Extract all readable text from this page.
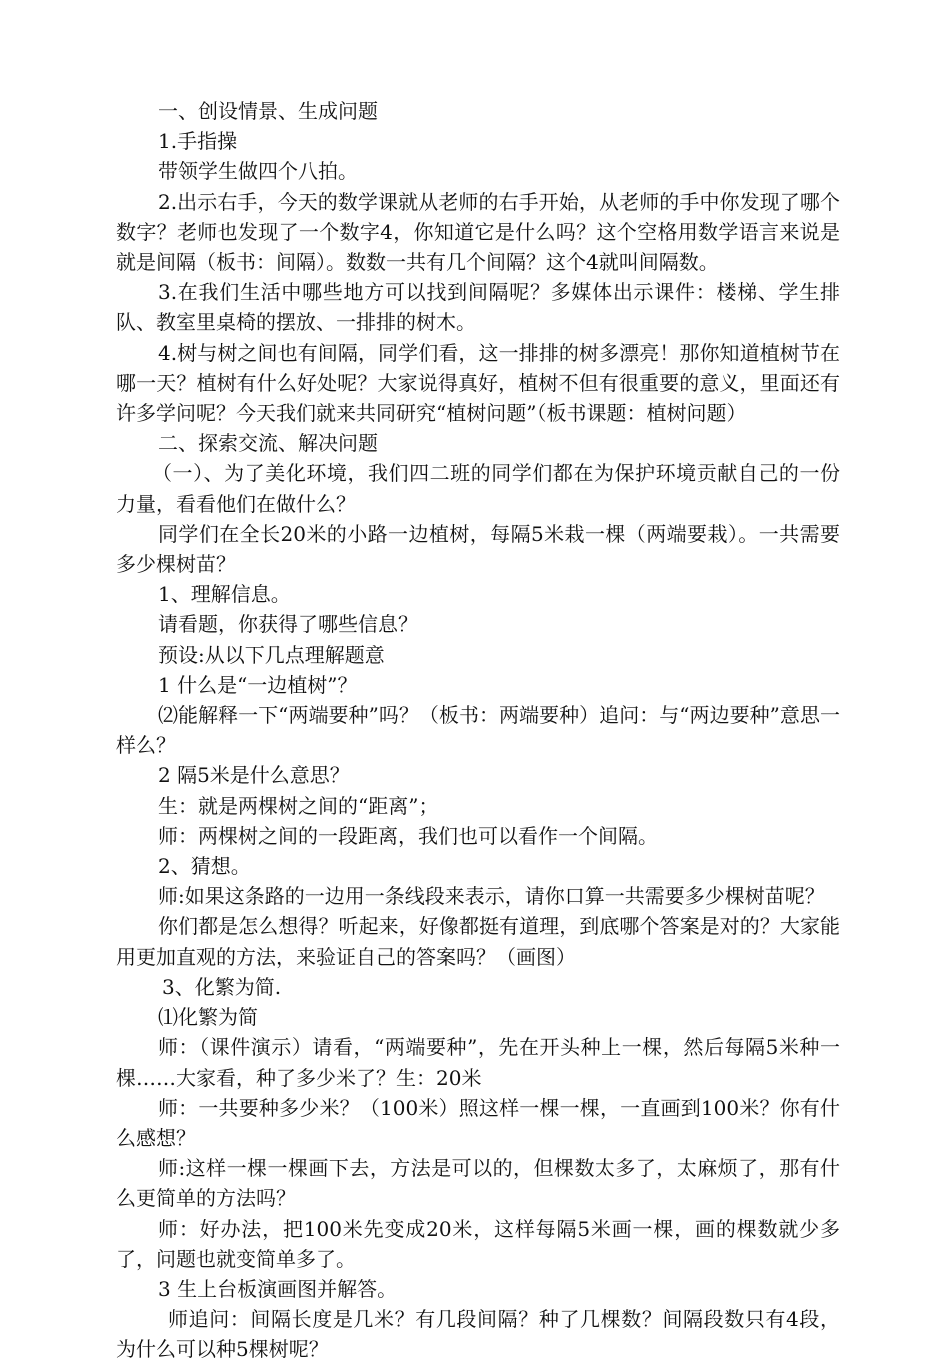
一、创设情景、生成问题

1.手指操

带领学生做四个八拍。

2.出示右手，今天的数学课就从老师的右手开始，从老师的手中你发现了哪个数字？老师也发现了一个数字4，你知道它是什么吗？这个空格用数学语言来说是就是间隔（板书：间隔）。数数一共有几个间隔？这个4就叫间隔数。

3.在我们生活中哪些地方可以找到间隔呢？多媒体出示课件：楼梯、学生排队、教室里桌椅的摆放、一排排的树木。

4.树与树之间也有间隔，同学们看，这一排排的树多漂亮！那你知道植树节在哪一天？植树有什么好处呢？大家说得真好，植树不但有很重要的意义，里面还有许多学问呢？今天我们就来共同研究“植树问题”（板书课题：植树问题）

二、探索交流、解决问题

（一）、为了美化环境，我们四二班的同学们都在为保护环境贡献自己的一份力量，看看他们在做什么？

同学们在全长20米的小路一边植树，每隔5米栽一棵（两端要栽）。一共需要多少棵树苗？

1、理解信息。

请看题，你获得了哪些信息？

预设:从以下几点理解题意

1 什么是“一边植树”？

⑵能解释一下“两端要种”吗？（板书：两端要种）追问：与“两边要种”意思一样么？

2 隔5米是什么意思？

生：就是两棵树之间的“距离”；

师：两棵树之间的一段距离，我们也可以看作一个间隔。

2、猜想。

师:如果这条路的一边用一条线段来表示，请你口算一共需要多少棵树苗呢？

你们都是怎么想得？听起来，好像都挺有道理，到底哪个答案是对的？大家能用更加直观的方法，来验证自己的答案吗？（画图）

3、化繁为简.

⑴化繁为简

师：（课件演示）请看，“两端要种”，先在开头种上一棵，然后每隔5米种一棵……大家看，种了多少米了？生：20米

师：一共要种多少米？（100米）照这样一棵一棵，一直画到100米？你有什么感想？

师:这样一棵一棵画下去，方法是可以的，但棵数太多了，太麻烦了，那有什么更简单的方法吗？

师：好办法，把100米先变成20米，这样每隔5米画一棵，画的棵数就少多了，问题也就变简单多了。

3 生上台板演画图并解答。

师追问：间隔长度是几米？有几段间隔？种了几棵数？间隔段数只有4段，为什么可以种5棵树呢？
